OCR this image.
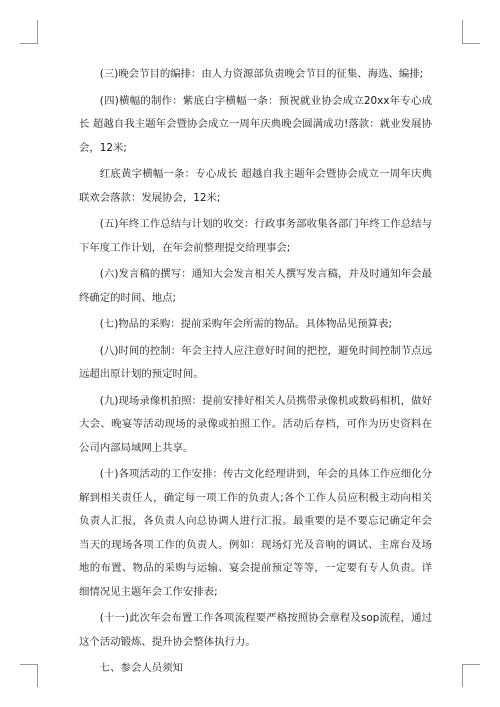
(三)晚会节目的编排：由人力资源部负责晚会节目的征集、海选、编排;

(四)横幅的制作：紫底白字横幅一条：预祝就业协会成立20xx年专心成长 超越自我主题年会暨协会成立一周年庆典晚会圆满成功!落款：就业发展协会，12米;

红底黄字横幅一条：专心成长 超越自我主题年会暨协会成立一周年庆典联欢会落款：发展协会，12米;

(五)年终工作总结与计划的收交：行政事务部收集各部门年终工作总结与下年度工作计划，在年会前整理提交给理事会;

(六)发言稿的撰写：通知大会发言相关人撰写发言稿，并及时通知年会最终确定的时间、地点;

(七)物品的采购：提前采购年会所需的物品。具体物品见预算表;

(八)时间的控制：年会主持人应注意好时间的把控，避免时间控制节点远远超出原计划的预定时间。

(九)现场录像机拍照：提前安排好相关人员携带录像机或数码相机，做好大会、晚宴等活动现场的录像或拍照工作。活动后存档，可作为历史资料在公司内部局域网上共享。

(十)各项活动的工作安排：传古文化经理讲到，年会的具体工作应细化分解到相关责任人，确定每一项工作的负责人;各个工作人员应积极主动向相关负责人汇报，各负责人向总协调人进行汇报。最重要的是不要忘记确定年会当天的现场各项工作的负责人。例如：现场灯光及音响的调试、主席台及场地的布置、物品的采购与运输、宴会提前预定等等，一定要有专人负责。详细情况见主题年会工作安排表;

(十一)此次年会布置工作各项流程要严格按照协会章程及sop流程，通过这个活动锻炼、提升协会整体执行力。

七、参会人员须知
